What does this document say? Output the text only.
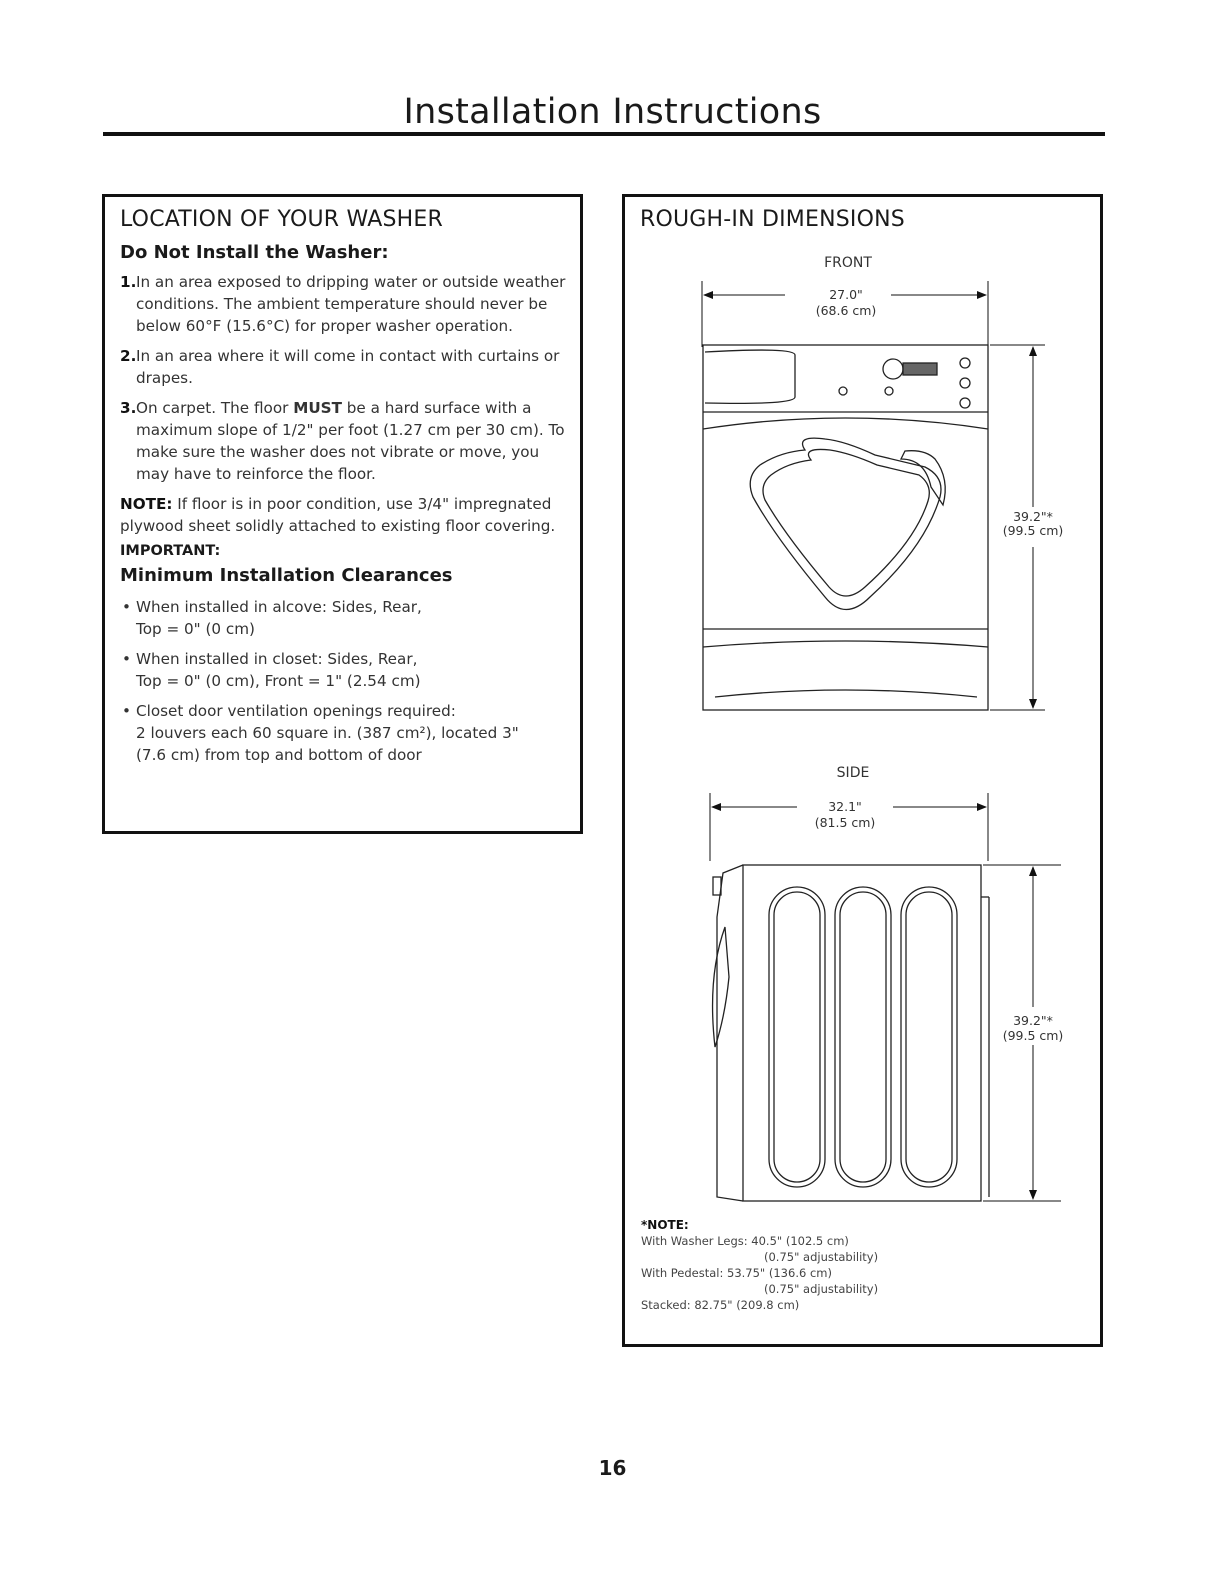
Installation Instructions
LOCATION OF YOUR WASHER
Do Not Install the Washer:
1. In an area exposed to dripping water or outside weather conditions. The ambient temperature should never be below 60°F (15.6°C) for proper washer operation.
2. In an area where it will come in contact with curtains or drapes.
3. On carpet. The floor MUST be a hard surface with a maximum slope of 1/2" per foot (1.27 cm per 30 cm). To make sure the washer does not vibrate or move, you may have to reinforce the floor.

NOTE: If floor is in poor condition, use 3/4" impregnated plywood sheet solidly attached to existing floor covering.

IMPORTANT:
Minimum Installation Clearances
• When installed in alcove: Sides, Rear,
Top = 0" (0 cm)
• When installed in closet: Sides, Rear,
Top = 0" (0 cm), Front = 1" (2.54 cm)
• Closet door ventilation openings required:
2 louvers each 60 square in. (387 cm²), located 3"
(7.6 cm) from top and bottom of door
ROUGH-IN DIMENSIONS
FRONT
27.0"
(68.6 cm)
39.2"*
(99.5 cm)
SIDE
32.1"
(81.5 cm)
39.2"*
(99.5 cm)
*NOTE:
With Washer Legs: 40.5" (102.5 cm)
(0.75" adjustability)
With Pedestal: 53.75" (136.6 cm)
(0.75" adjustability)
Stacked: 82.75" (209.8 cm)
16
